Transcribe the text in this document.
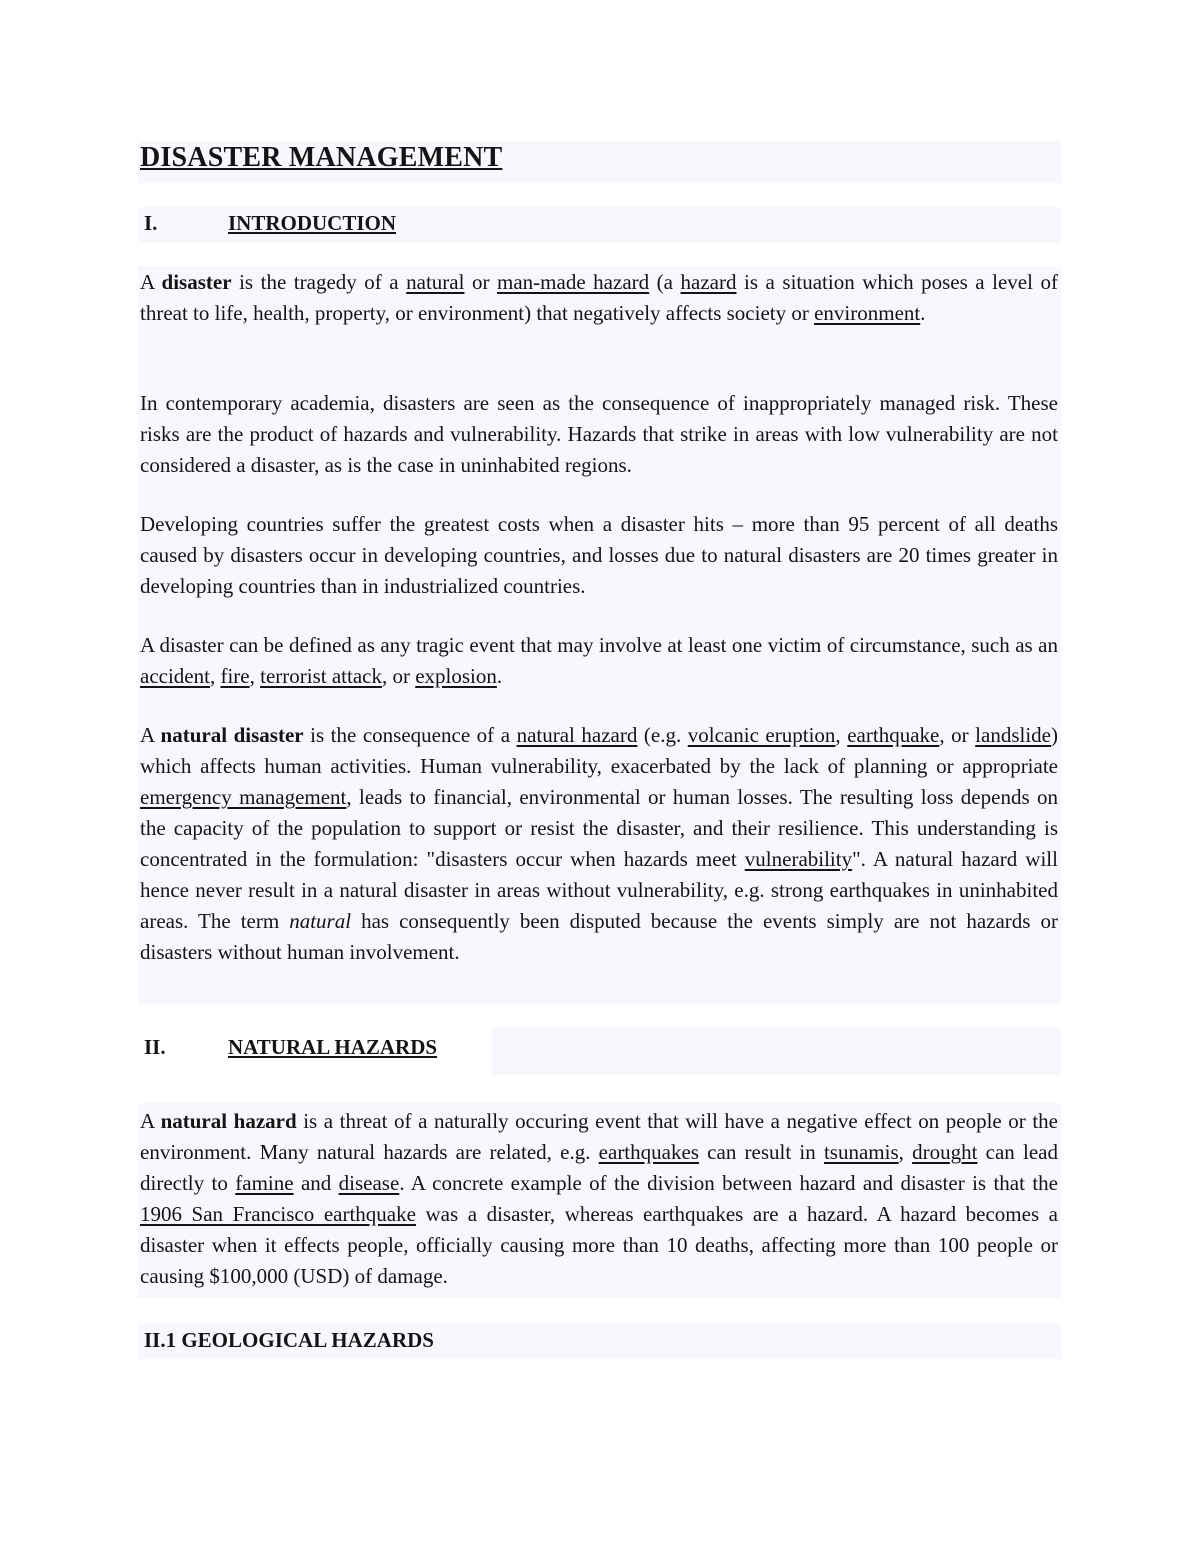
DISASTER MANAGEMENT
I.	INTRODUCTION
A disaster is the tragedy of a natural or man-made hazard (a hazard is a situation which poses a level of threat to life, health, property, or environment) that negatively affects society or environment.
In contemporary academia, disasters are seen as the consequence of inappropriately managed risk. These risks are the product of hazards and vulnerability. Hazards that strike in areas with low vulnerability are not considered a disaster, as is the case in uninhabited regions.
Developing countries suffer the greatest costs when a disaster hits – more than 95 percent of all deaths caused by disasters occur in developing countries, and losses due to natural disasters are 20 times greater in developing countries than in industrialized countries.
A disaster can be defined as any tragic event that may involve at least one victim of circumstance, such as an accident, fire, terrorist attack, or explosion.
A natural disaster is the consequence of a natural hazard (e.g. volcanic eruption, earthquake, or landslide) which affects human activities. Human vulnerability, exacerbated by the lack of planning or appropriate emergency management, leads to financial, environmental or human losses. The resulting loss depends on the capacity of the population to support or resist the disaster, and their resilience. This understanding is concentrated in the formulation: "disasters occur when hazards meet vulnerability". A natural hazard will hence never result in a natural disaster in areas without vulnerability, e.g. strong earthquakes in uninhabited areas. The term natural has consequently been disputed because the events simply are not hazards or disasters without human involvement.
II.	NATURAL HAZARDS
A natural hazard is a threat of a naturally occuring event that will have a negative effect on people or the environment. Many natural hazards are related, e.g. earthquakes can result in tsunamis, drought can lead directly to famine and disease. A concrete example of the division between hazard and disaster is that the 1906 San Francisco earthquake was a disaster, whereas earthquakes are a hazard. A hazard becomes a disaster when it effects people, officially causing more than 10 deaths, affecting more than 100 people or causing $100,000 (USD) of damage.
II.1 GEOLOGICAL HAZARDS
